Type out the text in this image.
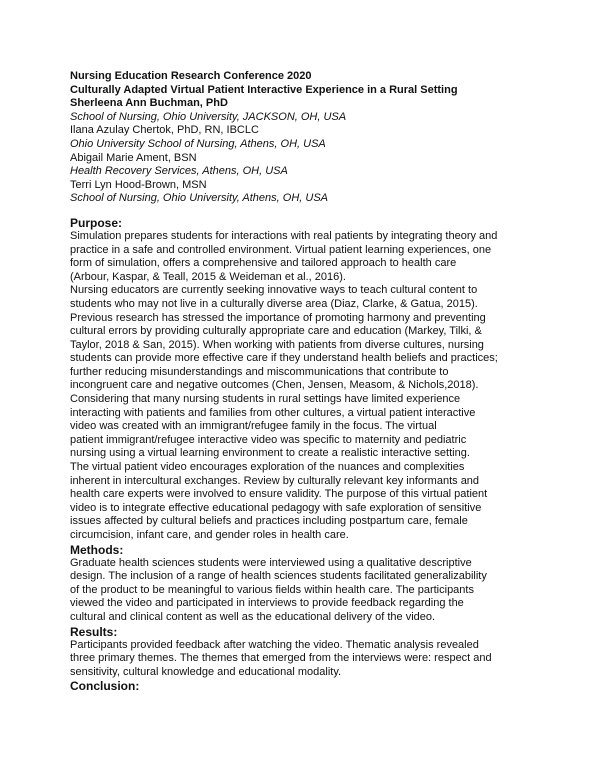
Nursing Education Research Conference 2020
Culturally Adapted Virtual Patient Interactive Experience in a Rural Setting
Sherleena Ann Buchman, PhD
School of Nursing, Ohio University, JACKSON, OH, USA
Ilana Azulay Chertok, PhD, RN, IBCLC
Ohio University School of Nursing, Athens, OH, USA
Abigail Marie Ament, BSN
Health Recovery Services, Athens, OH, USA
Terri Lyn Hood-Brown, MSN
School of Nursing, Ohio University, Athens, OH, USA
Purpose:
Simulation prepares students for interactions with real patients by integrating theory and
practice in a safe and controlled environment. Virtual patient learning experiences, one
form of simulation, offers a comprehensive and tailored approach to health care
(Arbour, Kaspar, & Teall, 2015 & Weideman et al., 2016).
Nursing educators are currently seeking innovative ways to teach cultural content to
students who may not live in a culturally diverse area (Diaz, Clarke, & Gatua, 2015).
Previous research has stressed the importance of promoting harmony and preventing
cultural errors by providing culturally appropriate care and education (Markey, Tilki, &
Taylor, 2018 & San, 2015). When working with patients from diverse cultures, nursing
students can provide more effective care if they understand health beliefs and practices;
further reducing misunderstandings and miscommunications that contribute to
incongruent care and negative outcomes (Chen, Jensen, Measom, & Nichols,2018).
Considering that many nursing students in rural settings have limited experience
interacting with patients and families from other cultures, a virtual patient interactive
video was created with an immigrant/refugee family in the focus. The virtual
patient immigrant/refugee interactive video was specific to maternity and pediatric
nursing using a virtual learning environment to create a realistic interactive setting.
The virtual patient video encourages exploration of the nuances and complexities
inherent in intercultural exchanges. Review by culturally relevant key informants and
health care experts were involved to ensure validity. The purpose of this virtual patient
video is to integrate effective educational pedagogy with safe exploration of sensitive
issues affected by cultural beliefs and practices including postpartum care, female
circumcision, infant care, and gender roles in health care.
Methods:
Graduate health sciences students were interviewed using a qualitative descriptive
design. The inclusion of a range of health sciences students facilitated generalizability
of the product to be meaningful to various fields within health care. The participants
viewed the video and participated in interviews to provide feedback regarding the
cultural and clinical content as well as the educational delivery of the video.
Results:
Participants provided feedback after watching the video. Thematic analysis revealed
three primary themes. The themes that emerged from the interviews were: respect and
sensitivity, cultural knowledge and educational modality.
Conclusion:
